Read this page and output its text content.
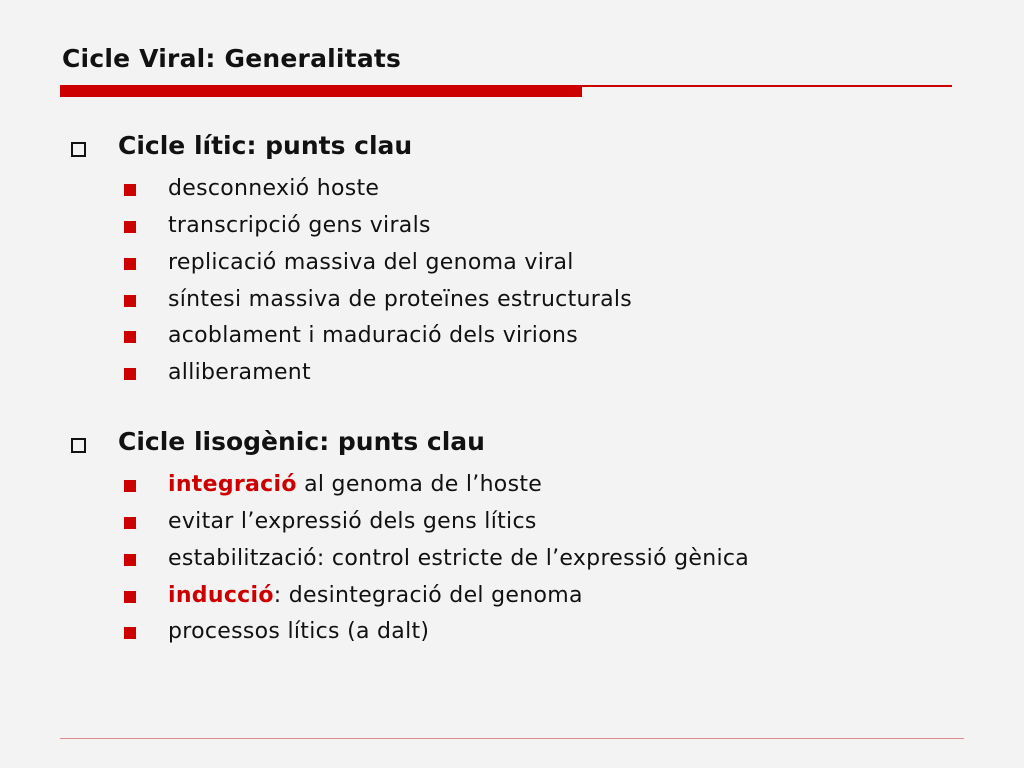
Cicle Viral: Generalitats
Cicle lític: punts clau
desconnexió hoste
transcripció gens virals
replicació massiva del genoma viral
síntesi massiva de proteïnes estructurals
acoblament i maduració dels virions
alliberament
Cicle lisogènic: punts clau
integració al genoma de l’hoste
evitar l’expressió dels gens lítics
estabilització: control estricte de l’expressió gènica
inducció: desintegració del genoma
processos lítics (a dalt)
